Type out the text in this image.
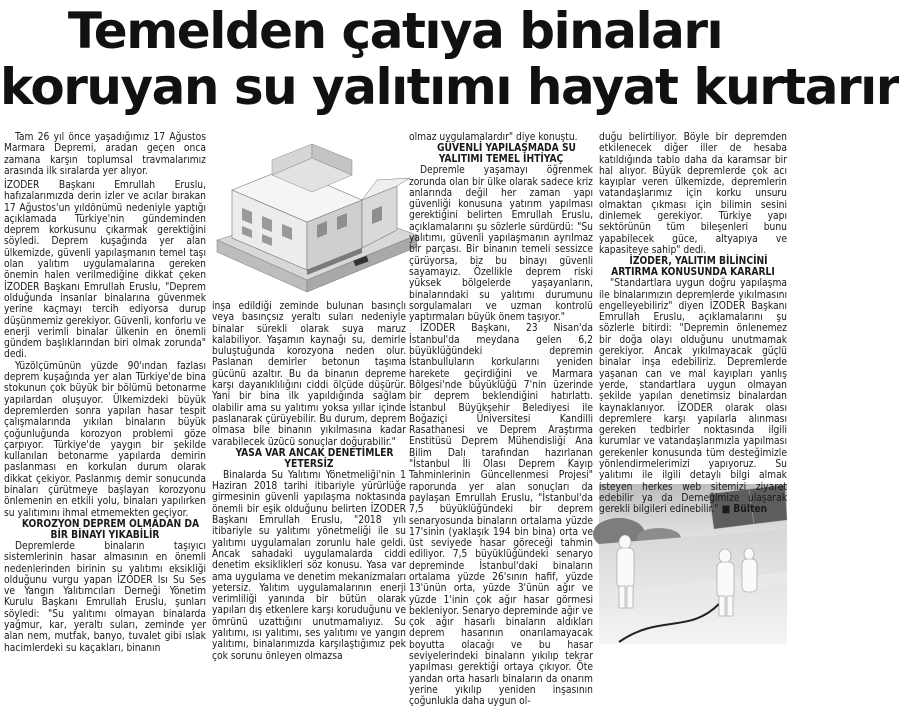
Temelden çatıya binaları
koruyan su yalıtımı hayat kurtarır

Tam 26 yıl önce yaşadığımız 17 Ağustos Marmara Depremi, aradan geçen onca zamana karşın toplumsal travmalarımız arasında ilk sıralarda yer alıyor.

İZODER Başkanı Emrullah Eruslu, hafızalarımızda derin izler ve acılar bırakan 17 Ağustos'un yıldönümü nedeniyle yaptığı açıklamada Türkiye'nin gündeminden deprem korkusunu çıkarmak gerektiğini söyledi. Deprem kuşağında yer alan ülkemizde, güvenli yapılaşmanın temel taşı olan yalıtım uygulamalarına gereken önemin halen verilmediğine dikkat çeken İZODER Başkanı Emrullah Eruslu, "Deprem olduğunda insanlar binalarına güvenmek yerine kaçmayı tercih ediyorsa durup düşünmemiz gerekiyor. Güvenli, konforlu ve enerji verimli binalar ülkenin en önemli gündem başlıklarından biri olmak zorunda" dedi.

Yüzölçümünün yüzde 90'ından fazlası deprem kuşağında yer alan Türkiye'de bina stokunun çok büyük bir bölümü betonarme yapılardan oluşuyor. Ülkemizdeki büyük depremlerden sonra yapılan hasar tespit çalışmalarında yıkılan binaların büyük çoğunluğunda korozyon problemi göze çarpıyor. Türkiye'de yaygın bir şekilde kullanılan betonarme yapılarda demirin paslanması en korkulan durum olarak dikkat çekiyor. Paslanmış demir sonucunda binaları çürütmeye başlayan korozyonu önlemenin en etkili yolu, binaları yapılırken su yalıtımını ihmal etmemekten geçiyor.

KOROZYON DEPREM OLMADAN DA BİR BİNAYI YIKABİLİR

Depremlerde binaların taşıyıcı sistemlerinin hasar almasının en önemli nedenlerinden birinin su yalıtımı eksikliği olduğunu vurgu yapan İZODER Isı Su Ses ve Yangın Yalıtımcıları Derneği Yönetim Kurulu Başkanı Emrullah Eruslu, şunları söyledi: "Su yalıtımı olmayan binalarda yağmur, kar, yeraltı suları, zeminde yer alan nem, mutfak, banyo, tuvalet gibi ıslak hacimlerdeki su kaçakları, binanın

inşa edildiği zeminde bulunan basınçlı veya basınçsız yeraltı suları nedeniyle binalar sürekli olarak suya maruz kalabiliyor. Yaşamın kaynağı su, demirle buluştuğunda korozyona neden olur. Paslanan demirler betonun taşıma gücünü azaltır. Bu da binanın depreme karşı dayanıklılığını ciddi ölçüde düşürür. Yani bir bina ilk yapıldığında sağlam olabilir ama su yalıtımı yoksa yıllar içinde paslanarak çürüyebilir. Bu durum, deprem olmasa bile binanın yıkılmasına kadar varabilecek üzücü sonuçlar doğurabilir."

YASA VAR ANCAK DENETİMLER YETERSİZ

Binalarda Su Yalıtımı Yönetmeliği'nin 1 Haziran 2018 tarihi itibariyle yürürlüğe girmesinin güvenli yapılaşma noktasında önemli bir eşik olduğunu belirten İZODER Başkanı Emrullah Eruslu, "2018 yılı itibariyle su yalıtımı yönetmeliği ile su yalıtımı uygulamaları zorunlu hale geldi. Ancak sahadaki uygulamalarda ciddi denetim eksiklikleri söz konusu. Yasa var ama uygulama ve denetim mekanizmaları yetersiz. Yalıtım uygulamalarının enerji verimliliği yanında bir bütün olarak yapıları dış etkenlere karşı koruduğunu ve ömrünü uzattığını unutmamalıyız. Su yalıtımı, ısı yalıtımı, ses yalıtımı ve yangın yalıtımı, binalarımızda karşılaştığımız pek çok sorunu önleyen olmazsa

olmaz uygulamalardır" diye konuştu.

GÜVENLİ YAPILAŞMADA SU YALITIMI TEMEL İHTİYAÇ

Depremle yaşamayı öğrenmek zorunda olan bir ülke olarak sadece kriz anlarında değil her zaman yapı güvenliği konusuna yatırım yapılması gerektiğini belirten Emrullah Eruslu, açıklamalarını şu sözlerle sürdürdü: "Su yalıtımı, güvenli yapılaşmanın ayrılmaz bir parçası. Bir binanın temeli sessizce çürüyorsa, biz bu binayı güvenli sayamayız. Özellikle deprem riski yüksek bölgelerde yaşayanların, binalarındaki su yalıtımı durumunu sorgulamaları ve uzman kontrolü yaptırmaları büyük önem taşıyor."

İZODER Başkanı, 23 Nisan'da İstanbul'da meydana gelen 6,2 büyüklüğündeki depremin İstanbulluların korkularını yeniden harekete geçirdiğini ve Marmara Bölgesi'nde büyüklüğü 7'nin üzerinde bir deprem beklendiğini hatırlattı. İstanbul Büyükşehir Belediyesi ile Boğaziçi Üniversitesi Kandilli Rasathanesi ve Deprem Araştırma Enstitüsü Deprem Mühendisliği Ana Bilim Dalı tarafından hazırlanan "İstanbul İli Olası Deprem Kayıp Tahminlerinin Güncellenmesi Projesi" raporunda yer alan sonuçları da paylaşan Emrullah Eruslu, "İstanbul'da 7,5 büyüklüğündeki bir deprem senaryosunda binaların ortalama yüzde 17'sinin (yaklaşık 194 bin bina) orta ve üst seviyede hasar göreceği tahmin ediliyor. 7,5 büyüklüğündeki senaryo depreminde İstanbul'daki binaların ortalama yüzde 26'sının hafif, yüzde 13'ünün orta, yüzde 3'ünün ağır ve yüzde 1'inin çok ağır hasar görmesi bekleniyor. Senaryo depreminde ağır ve çok ağır hasarlı binaların aldıkları deprem hasarının onarılamayacak boyutta olacağı ve bu hasar seviyelerindeki binaların yıkılıp tekrar yapılması gerektiği ortaya çıkıyor. Öte yandan orta hasarlı binaların da onarım yerine yıkılıp yeniden inşasının çoğunlukla daha uygun ol-

duğu belirtiliyor. Böyle bir depremden etkilenecek diğer iller de hesaba katıldığında tablo daha da karamsar bir hal alıyor. Büyük depremlerde çok acı kayıplar veren ülkemizde, depremlerin vatandaşlarımız için korku unsuru olmaktan çıkması için bilimin sesini dinlemek gerekiyor. Türkiye yapı sektörünün tüm bileşenleri bunu yapabilecek güce, altyapıya ve kapasiteye sahip" dedi.

İZODER, YALITIM BİLİNCİNİ ARTIRMA KONUSUNDA KARARLI

"Standartlara uygun doğru yapılaşma ile binalarımızın depremlerde yıkılmasını engelleyebiliriz" diyen İZODER Başkanı Emrullah Eruslu, açıklamalarını şu sözlerle bitirdi: "Depremin önlenemez bir doğa olayı olduğunu unutmamak gerekiyor. Ancak yıkılmayacak güçlü binalar inşa edebiliriz. Depremlerde yaşanan can ve mal kayıpları yanlış yerde, standartlara uygun olmayan şekilde yapılan denetimsiz binalardan kaynaklanıyor. İZODER olarak olası depremlere karşı yapılarla alınması gereken tedbirler noktasında ilgili kurumlar ve vatandaşlarımızla yapılması gerekenler konusunda tüm desteğimizle yönlendirmelerimizi yapıyoruz. Su yalıtımı ile ilgili detaylı bilgi almak isteyen herkes web sitemizi ziyaret edebilir ya da Derneğimize ulaşarak gerekli bilgileri edinebilir." ■ Bülten
